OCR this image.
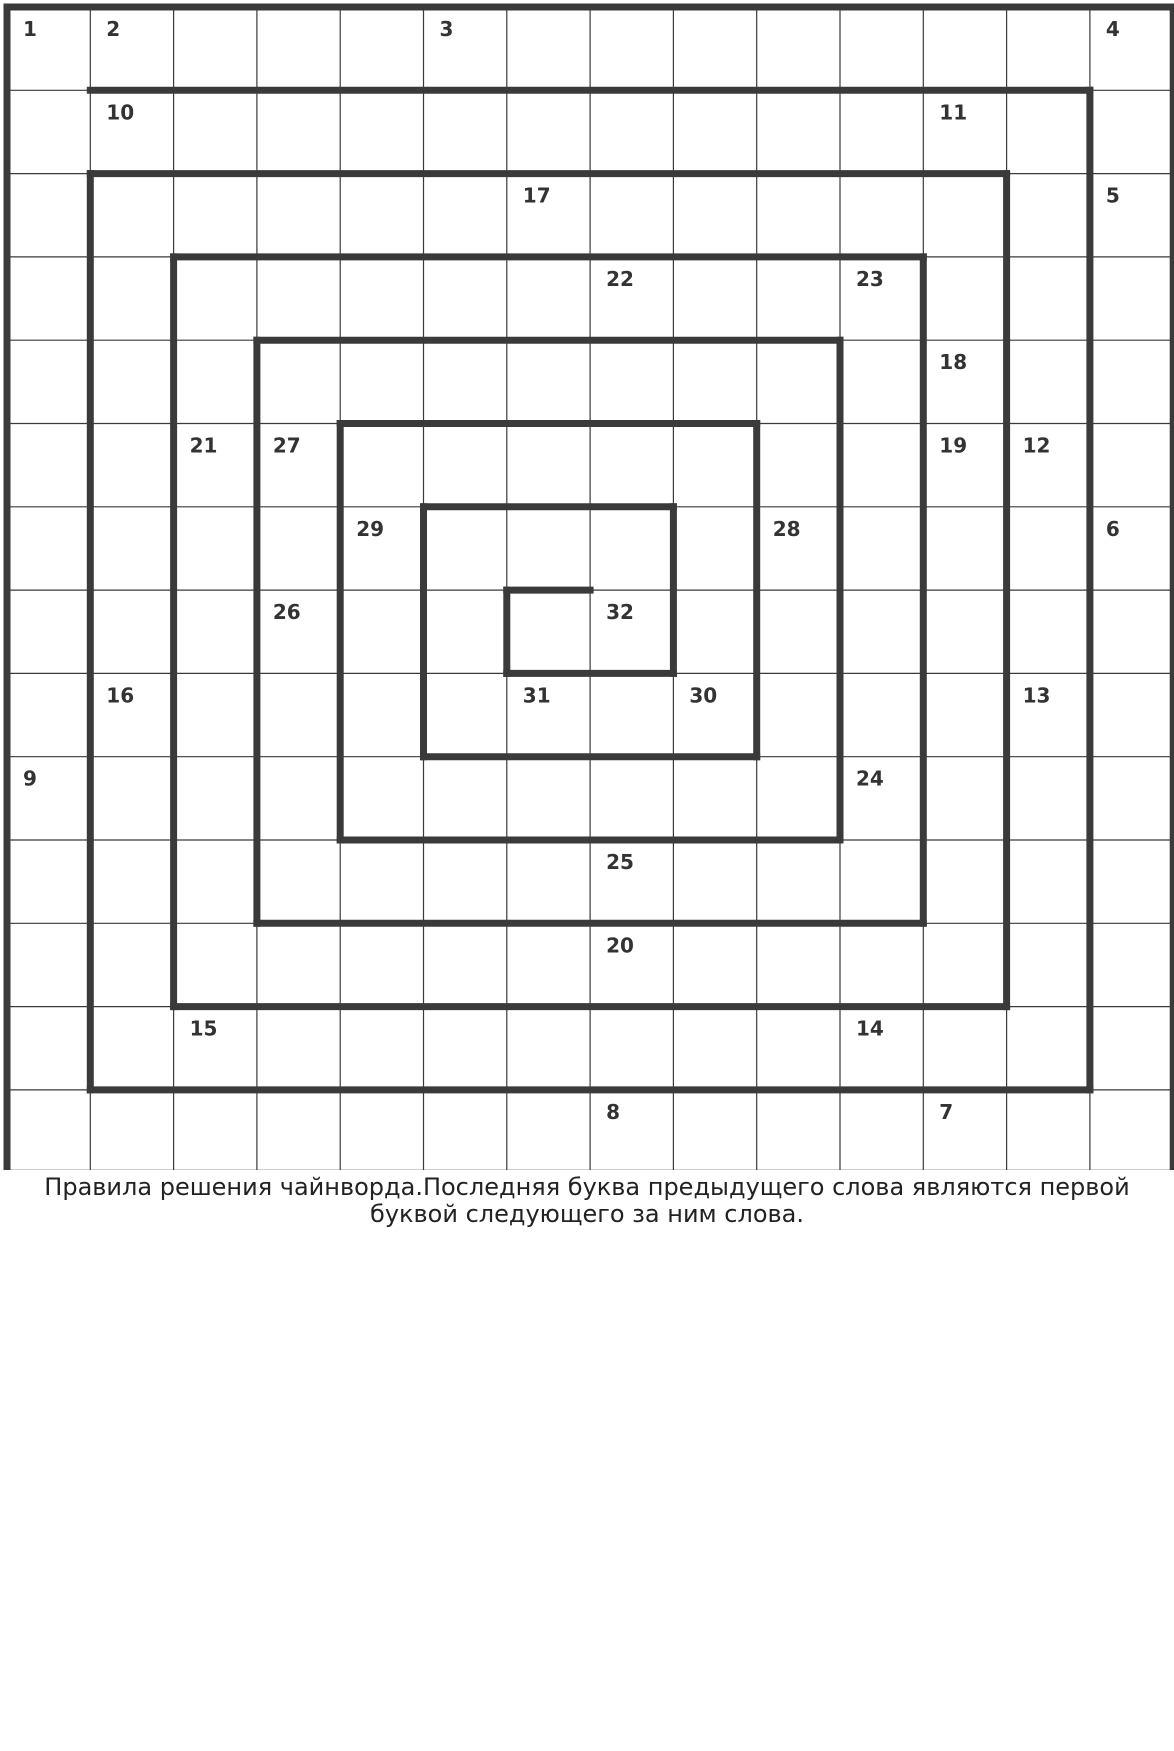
1	2	3	4
10	11
17	5
22	23
18
21	27	19	12
29	28	6
26	32
16	31	30	13
9	24
25
20
15	14
8	7

Правила решения чайнворда.Последняя буква предыдущего слова являются первой буквой следующего за ним слова.
